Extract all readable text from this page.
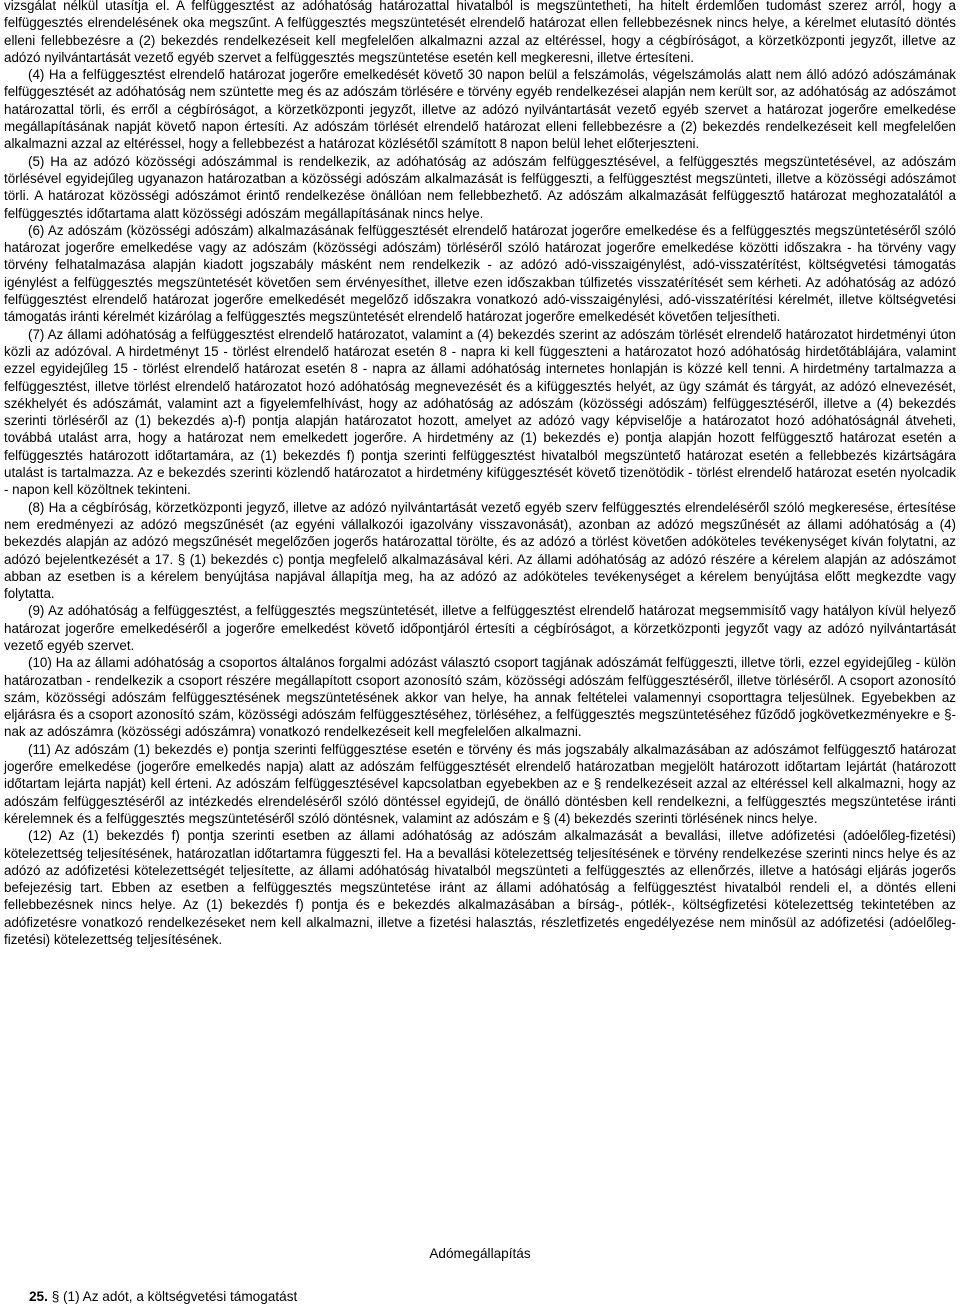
vizsgálat nélkül utasítja el. A felfüggesztést az adóhatóság határozattal hivatalból is megszüntetheti, ha hitelt érdemlően tudomást szerez arról, hogy a felfüggesztés elrendelésének oka megszűnt. A felfüggesztés megszüntetését elrendelő határozat ellen fellebbezésnek nincs helye, a kérelmet elutasító döntés elleni fellebbezésre a (2) bekezdés rendelkezéseit kell megfelelően alkalmazni azzal az eltéréssel, hogy a cégbíróságot, a körzetközponti jegyzőt, illetve az adózó nyilvántartását vezető egyéb szervet a felfüggesztés megszüntetése esetén kell megkeresni, illetve értesíteni.

(4) Ha a felfüggesztést elrendelő határozat jogerőre emelkedését követő 30 napon belül a felszámolás, végelszámolás alatt nem álló adózó adószámának felfüggesztését az adóhatóság nem szüntette meg és az adószám törlésére e törvény egyéb rendelkezései alapján nem került sor, az adóhatóság az adószámot határozattal törli, és erről a cégbíróságot, a körzetközponti jegyzőt, illetve az adózó nyilvántartását vezető egyéb szervet a határozat jogerőre emelkedése megállapításának napját követő napon értesíti. Az adószám törlését elrendelő határozat elleni fellebbezésre a (2) bekezdés rendelkezéseit kell megfelelően alkalmazni azzal az eltéréssel, hogy a fellebbezést a határozat közlésétől számított 8 napon belül lehet előterjeszteni.

(5) Ha az adózó közösségi adószámmal is rendelkezik, az adóhatóság az adószám felfüggesztésével, a felfüggesztés megszüntetésével, az adószám törlésével egyidejűleg ugyanazon határozatban a közösségi adószám alkalmazását is felfüggeszti, a felfüggesztést megszünteti, illetve a közösségi adószámot törli. A határozat közösségi adószámot érintő rendelkezése önállóan nem fellebbezhető. Az adószám alkalmazását felfüggesztő határozat meghozatalától a felfüggesztés időtartama alatt közösségi adószám megállapításának nincs helye.

(6) Az adószám (közösségi adószám) alkalmazásának felfüggesztését elrendelő határozat jogerőre emelkedése és a felfüggesztés megszüntetéséről szóló határozat jogerőre emelkedése vagy az adószám (közösségi adószám) törléséről szóló határozat jogerőre emelkedése közötti időszakra - ha törvény vagy törvény felhatalmazása alapján kiadott jogszabály másként nem rendelkezik - az adózó adó-visszaigénylést, adó-visszatérítést, költségvetési támogatás igénylést a felfüggesztés megszüntetését követően sem érvényesíthet, illetve ezen időszakban túlfizetés visszatérítését sem kérheti. Az adóhatóság az adózó felfüggesztést elrendelő határozat jogerőre emelkedését megelőző időszakra vonatkozó adó-visszaigénylési, adó-visszatérítési kérelmét, illetve költségvetési támogatás iránti kérelmét kizárólag a felfüggesztés megszüntetését elrendelő határozat jogerőre emelkedését követően teljesítheti.

(7) Az állami adóhatóság a felfüggesztést elrendelő határozatot, valamint a (4) bekezdés szerint az adószám törlését elrendelő határozatot hirdetményi úton közli az adózóval. A hirdetményt 15 - törlést elrendelő határozat esetén 8 - napra ki kell függeszteni a határozatot hozó adóhatóság hirdetőtáblájára, valamint ezzel egyidejűleg 15 - törlést elrendelő határozat esetén 8 - napra az állami adóhatóság internetes honlapján is közzé kell tenni. A hirdetmény tartalmazza a felfüggesztést, illetve törlést elrendelő határozatot hozó adóhatóság megnevezését és a kifüggesztés helyét, az ügy számát és tárgyát, az adózó elnevezését, székhelyét és adószámát, valamint azt a figyelemfelhívást, hogy az adóhatóság az adószám (közösségi adószám) felfüggesztéséről, illetve a (4) bekezdés szerinti törléséről az (1) bekezdés a)-f) pontja alapján határozatot hozott, amelyet az adózó vagy képviselője a határozatot hozó adóhatóságnál átveheti, továbbá utalást arra, hogy a határozat nem emelkedett jogerőre. A hirdetmény az (1) bekezdés e) pontja alapján hozott felfüggesztő határozat esetén a felfüggesztés határozott időtartamára, az (1) bekezdés f) pontja szerinti felfüggesztést hivatalból megszüntető határozat esetén a fellebbezés kizártságára utalást is tartalmazza. Az e bekezdés szerinti közlendő határozatot a hirdetmény kifüggesztését követő tizenötödik - törlést elrendelő határozat esetén nyolcadik - napon kell közöltnek tekinteni.

(8) Ha a cégbíróság, körzetközponti jegyző, illetve az adózó nyilvántartását vezető egyéb szerv felfüggesztés elrendeléséről szóló megkeresése, értesítése nem eredményezi az adózó megszűnését (az egyéni vállalkozói igazolvány visszavonását), azonban az adózó megszűnését az állami adóhatóság a (4) bekezdés alapján az adózó megszűnését megelőzően jogerős határozattal törölte, és az adózó a törlést követően adóköteles tevékenységet kíván folytatni, az adózó bejelentkezését a 17. § (1) bekezdés c) pontja megfelelő alkalmazásával kéri. Az állami adóhatóság az adózó részére a kérelem alapján az adószámot abban az esetben is a kérelem benyújtása napjával állapítja meg, ha az adózó az adóköteles tevékenységet a kérelem benyújtása előtt megkezdte vagy folytatta.

(9) Az adóhatóság a felfüggesztést, a felfüggesztés megszüntetését, illetve a felfüggesztést elrendelő határozat megsemmisítő vagy hatályon kívül helyező határozat jogerőre emelkedéséről a jogerőre emelkedést követő időpontjáról értesíti a cégbíróságot, a körzetközponti jegyzőt vagy az adózó nyilvántartását vezető egyéb szervet.

(10) Ha az állami adóhatóság a csoportos általános forgalmi adózást választó csoport tagjának adószámát felfüggeszti, illetve törli, ezzel egyidejűleg - külön határozatban - rendelkezik a csoport részére megállapított csoport azonosító szám, közösségi adószám felfüggesztéséről, illetve törléséről. A csoport azonosító szám, közösségi adószám felfüggesztésének megszüntetésének akkor van helye, ha annak feltételei valamennyi csoporttagra teljesülnek. Egyebekben az eljárásra és a csoport azonosító szám, közösségi adószám felfüggesztéséhez, törléséhez, a felfüggesztés megszüntetéséhez fűződő jogkövetkezményekre e §-nak az adószámra (közösségi adószámra) vonatkozó rendelkezéseit kell megfelelően alkalmazni.

(11) Az adószám (1) bekezdés e) pontja szerinti felfüggesztése esetén e törvény és más jogszabály alkalmazásában az adószámot felfüggesztő határozat jogerőre emelkedése (jogerőre emelkedés napja) alatt az adószám felfüggesztését elrendelő határozatban megjelölt határozott időtartam lejártát (határozott időtartam lejárta napját) kell érteni. Az adószám felfüggesztésével kapcsolatban egyebekben az e § rendelkezéseit azzal az eltéréssel kell alkalmazni, hogy az adószám felfüggesztéséről az intézkedés elrendeléséről szóló döntéssel egyidejű, de önálló döntésben kell rendelkezni, a felfüggesztés megszüntetése iránti kérelemnek és a felfüggesztés megszüntetéséről szóló döntésnek, valamint az adószám e § (4) bekezdés szerinti törlésének nincs helye.

(12) Az (1) bekezdés f) pontja szerinti esetben az állami adóhatóság az adószám alkalmazását a bevallási, illetve adófizetési (adóelőleg-fizetési) kötelezettség teljesítésének, határozatlan időtartamra függeszti fel. Ha a bevallási kötelezettség teljesítésének e törvény rendelkezése szerinti nincs helye és az adózó az adófizetési kötelezettségét teljesítette, az állami adóhatóság hivatalból megszünteti a felfüggesztés az ellenőrzés, illetve a hatósági eljárás jogerős befejezésig tart. Ebben az esetben a felfüggesztés megszüntetése iránt az állami adóhatóság a felfüggesztést hivatalból rendeli el, a döntés elleni fellebbezésnek nincs helye. Az (1) bekezdés f) pontja és e bekezdés alkalmazásában a bírság-, pótlék-, költségfizetési kötelezettség tekintetében az adófizetésre vonatkozó rendelkezéseket nem kell alkalmazni, illetve a fizetési halasztás, részletfizetés engedélyezése nem minősül az adófizetési (adóelőleg-fizetési) kötelezettség teljesítésének.

Adómegállapítás
25. § (1) Az adót, a költségvetési támogatást
